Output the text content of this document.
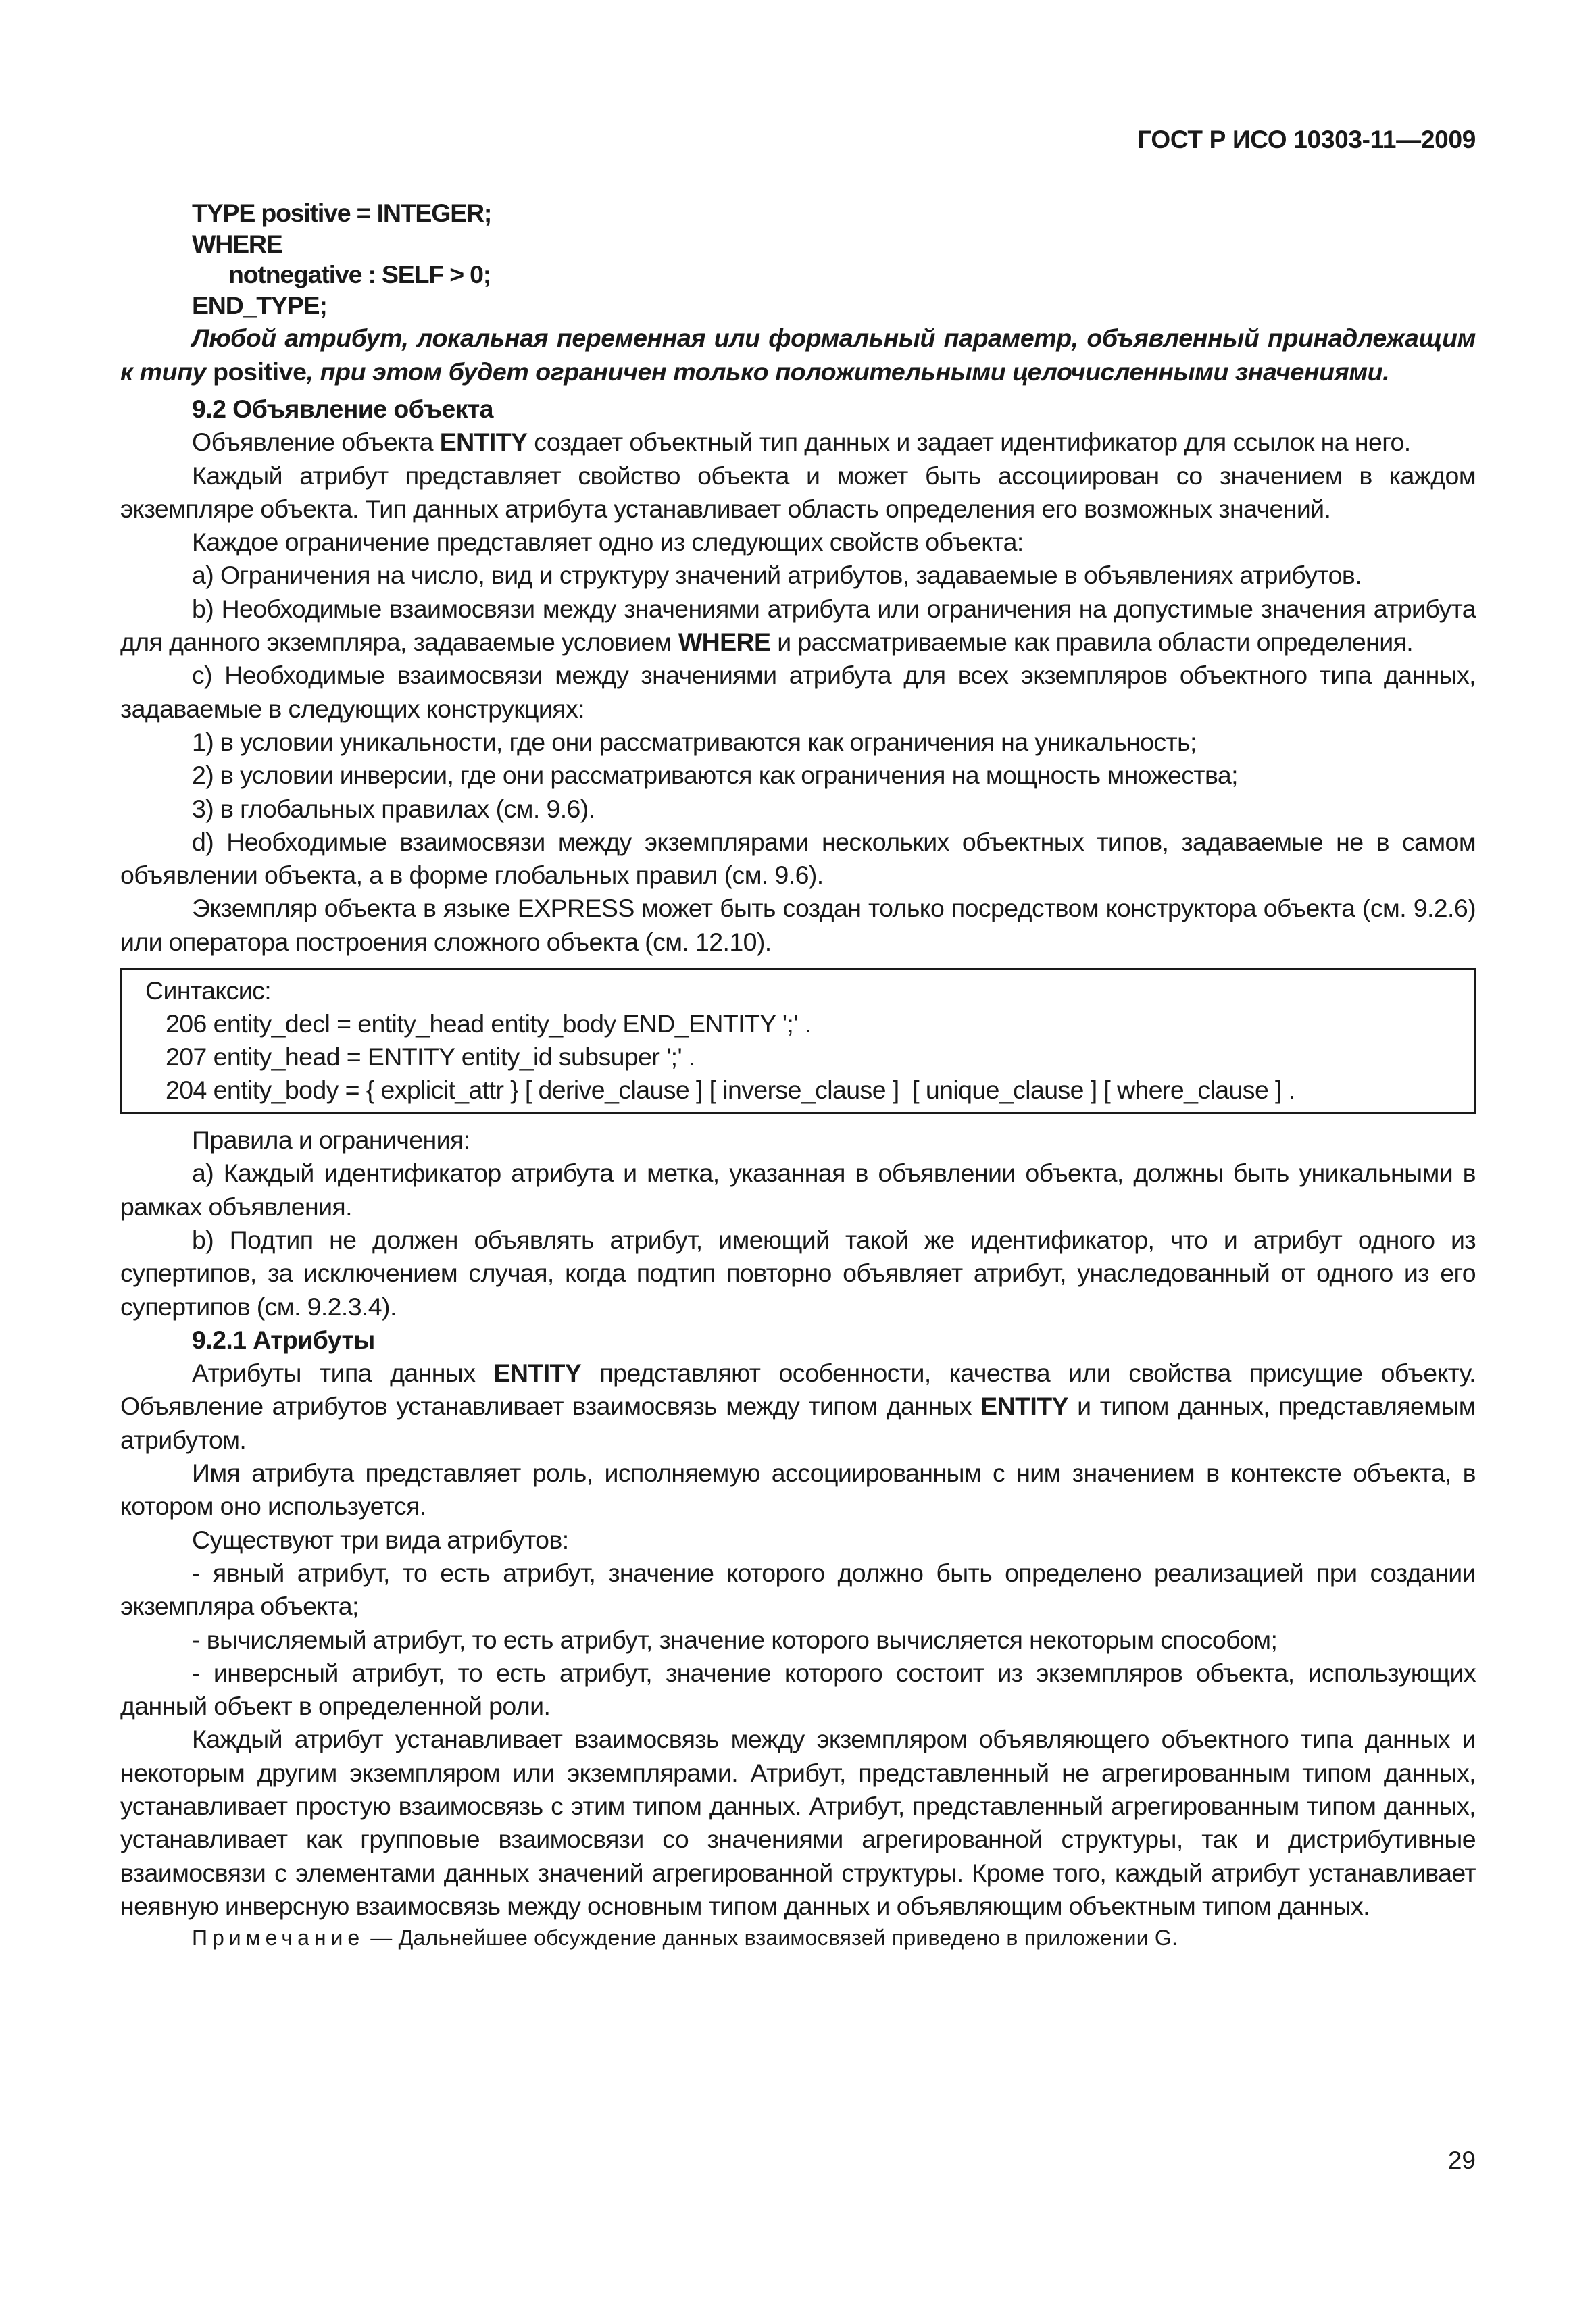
ГОСТ Р ИСО 10303-11—2009

TYPE positive = INTEGER;

WHERE

notnegative : SELF > 0;

END_TYPE;

Любой атрибут, локальная переменная или формальный параметр, объявленный принадлежащим к типу positive, при этом будет ограничен только положительными целочисленными значениями.

9.2 Объявление объекта

Объявление объекта ENTITY создает объектный тип данных и задает идентификатор для ссылок на него.

Каждый атрибут представляет свойство объекта и может быть ассоциирован со значением в каждом экземпляре объекта. Тип данных атрибута устанавливает область определения его возможных значений.

Каждое ограничение представляет одно из следующих свойств объекта:

a) Ограничения на число, вид и структуру значений атрибутов, задаваемые в объявлениях атрибутов.

b) Необходимые взаимосвязи между значениями атрибута или ограничения на допустимые значения атрибута для данного экземпляра, задаваемые условием WHERE и рассматриваемые как правила области определения.

c) Необходимые взаимосвязи между значениями атрибута для всех экземпляров объектного типа данных, задаваемые в следующих конструкциях:

1) в условии уникальности, где они рассматриваются как ограничения на уникальность;

2) в условии инверсии, где они рассматриваются как ограничения на мощность множества;

3) в глобальных правилах (см. 9.6).

d) Необходимые взаимосвязи между экземплярами нескольких объектных типов, задаваемые не в самом объявлении объекта, а в форме глобальных правил (см. 9.6).

Экземпляр объекта в языке EXPRESS может быть создан только посредством конструктора объекта (см. 9.2.6) или оператора построения сложного объекта (см. 12.10).

Синтаксис:
206 entity_decl = entity_head entity_body END_ENTITY ';' .
207 entity_head = ENTITY entity_id subsuper ';' .
204 entity_body = { explicit_attr } [ derive_clause ] [ inverse_clause ]  [ unique_clause ] [ where_clause ] .

Правила и ограничения:

a) Каждый идентификатор атрибута и метка, указанная в объявлении объекта, должны быть уникальными в рамках объявления.

b) Подтип не должен объявлять атрибут, имеющий такой же идентификатор, что и атрибут одного из супертипов, за исключением случая, когда подтип повторно объявляет атрибут, унаследованный от одного из его супертипов (см. 9.2.3.4).

9.2.1 Атрибуты

Атрибуты типа данных ENTITY представляют особенности, качества или свойства присущие объекту. Объявление атрибутов устанавливает взаимосвязь между типом данных ENTITY и типом данных, представляемым атрибутом.

Имя атрибута представляет роль, исполняемую ассоциированным с ним значением в контексте объекта, в котором оно используется.

Существуют три вида атрибутов:

- явный атрибут, то есть атрибут, значение которого должно быть определено реализацией при создании экземпляра объекта;

- вычисляемый атрибут, то есть атрибут, значение которого вычисляется некоторым способом;

- инверсный атрибут, то есть атрибут, значение которого состоит из экземпляров объекта, использующих данный объект в определенной роли.

Каждый атрибут устанавливает взаимосвязь между экземпляром объявляющего объектного типа данных и некоторым другим экземпляром или экземплярами. Атрибут, представленный не агрегированным типом данных, устанавливает простую взаимосвязь с этим типом данных. Атрибут, представленный агрегированным типом данных, устанавливает как групповые взаимосвязи со значениями агрегированной структуры, так и дистрибутивные взаимосвязи с элементами данных значений агрегированной структуры. Кроме того, каждый атрибут устанавливает неявную инверсную взаимосвязь между основным типом данных и объявляющим объектным типом данных.

Примечание — Дальнейшее обсуждение данных взаимосвязей приведено в приложении G.

29
